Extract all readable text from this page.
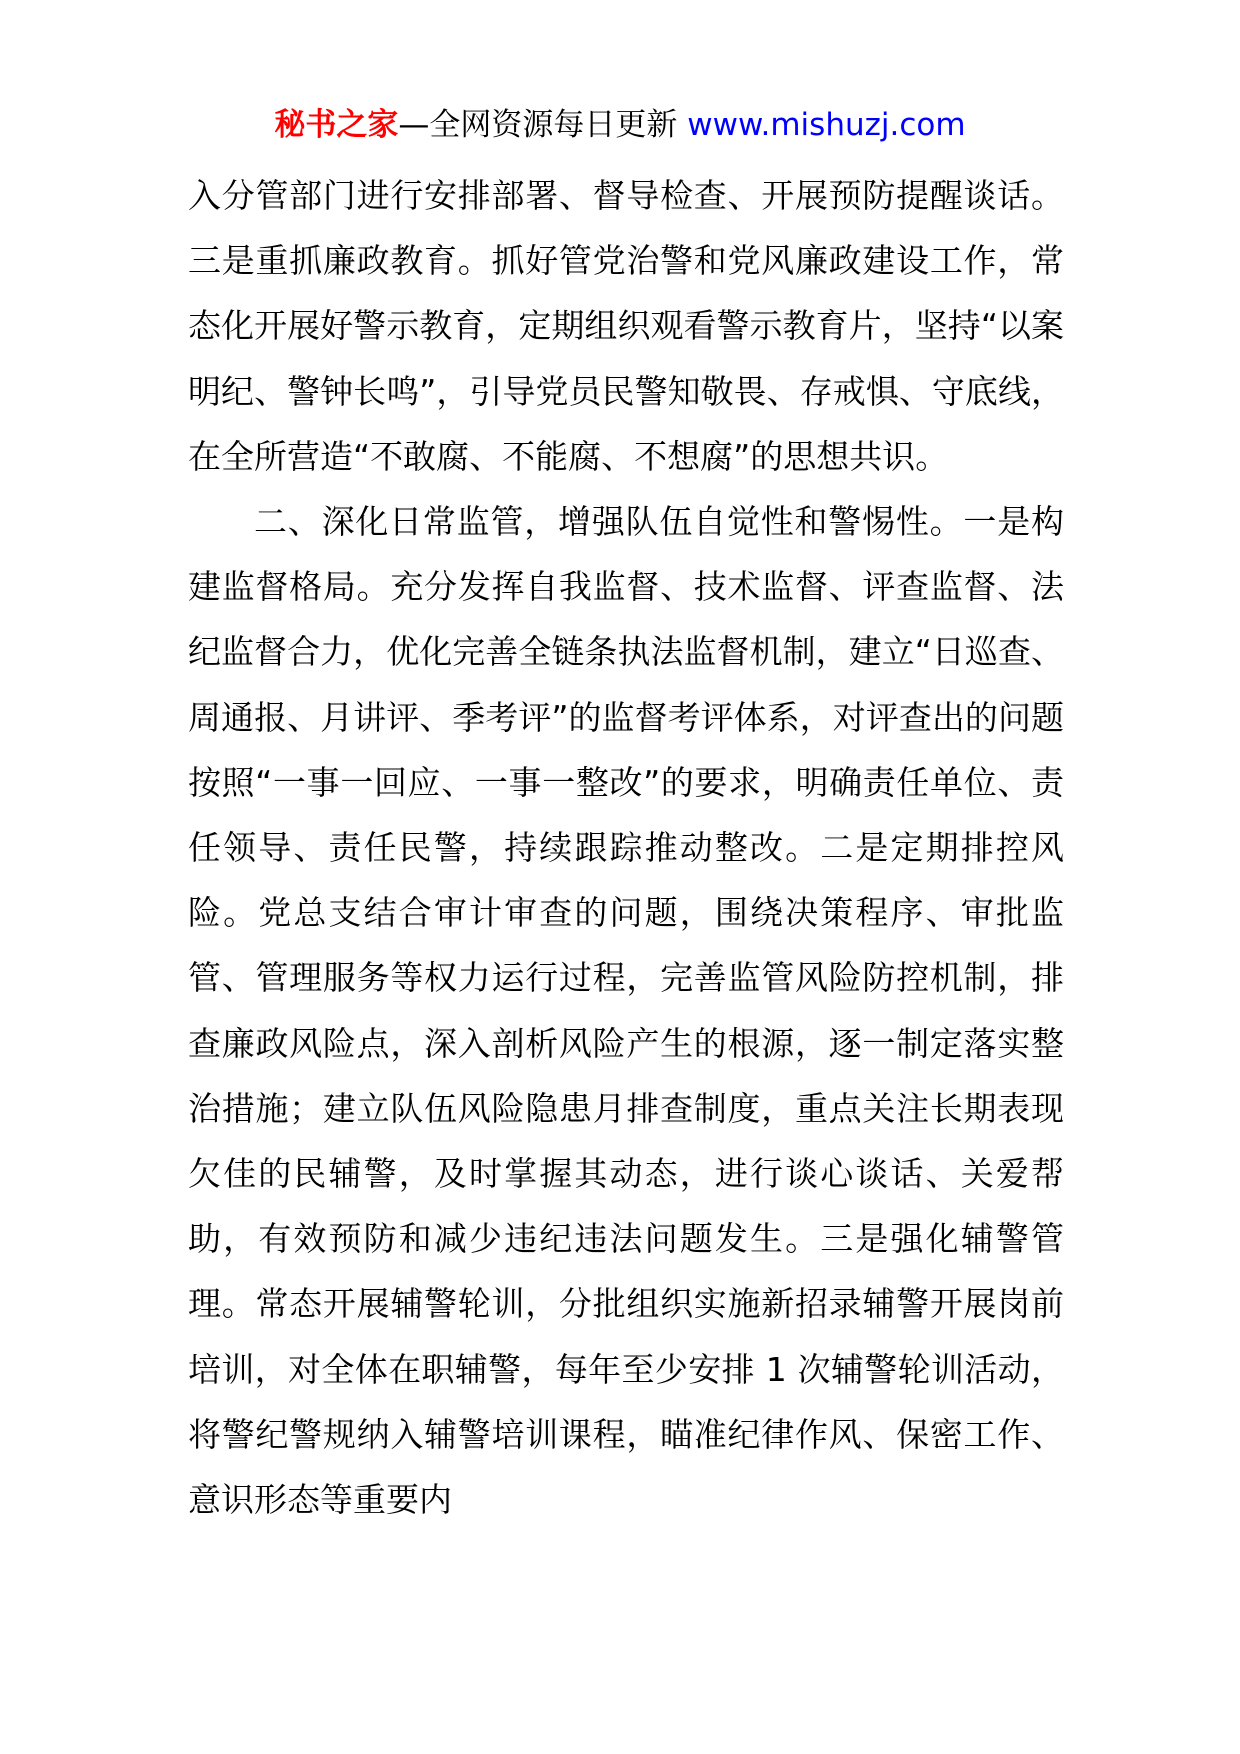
秘书之家—全网资源每日更新 www.mishuzj.com

入分管部门进行安排部署、督导检查、开展预防提醒谈话。三是重抓廉政教育。抓好管党治警和党风廉政建设工作，常态化开展好警示教育，定期组织观看警示教育片，坚持“以案明纪、警钟长鸣”，引导党员民警知敬畏、存戒惧、守底线，在全所营造“不敢腐、不能腐、不想腐”的思想共识。

二、深化日常监管，增强队伍自觉性和警惕性。一是构建监督格局。充分发挥自我监督、技术监督、评查监督、法纪监督合力，优化完善全链条执法监督机制，建立“日巡查、周通报、月讲评、季考评”的监督考评体系，对评查出的问题按照“一事一回应、一事一整改”的要求，明确责任单位、责任领导、责任民警，持续跟踪推动整改。二是定期排控风险。党总支结合审计审查的问题，围绕决策程序、审批监管、管理服务等权力运行过程，完善监管风险防控机制，排查廉政风险点，深入剖析风险产生的根源，逐一制定落实整治措施；建立队伍风险隐患月排查制度，重点关注长期表现欠佳的民辅警，及时掌握其动态，进行谈心谈话、关爱帮助，有效预防和减少违纪违法问题发生。三是强化辅警管理。常态开展辅警轮训，分批组织实施新招录辅警开展岗前培训，对全体在职辅警，每年至少安排 1 次辅警轮训活动，将警纪警规纳入辅警培训课程，瞄准纪律作风、保密工作、意识形态等重要内
